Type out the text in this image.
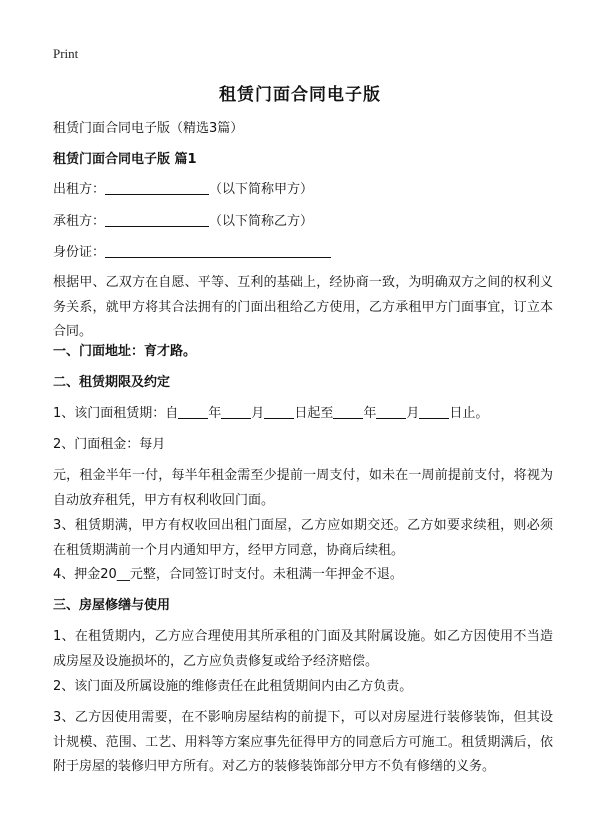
Print
租赁门面合同电子版
租赁门面合同电子版（精选3篇）
租赁门面合同电子版 篇1
出租方：	（以下简称甲方）
承租方：	（以下简称乙方）
身份证：
根据甲、乙双方在自愿、平等、互利的基础上，经协商一致，为明确双方之间的权利义务关系，就甲方将其合法拥有的门面出租给乙方使用，乙方承租甲方门面事宜，订立本合同。
一、门面地址：育才路。
二、租赁期限及约定
1、该门面租赁期：自 年 月 日起至 年 月 日止。
2、门面租金：每月
元，租金半年一付，每半年租金需至少提前一周支付，如未在一周前提前支付，将视为自动放弃租凭，甲方有权利收回门面。
3、租赁期满，甲方有权收回出租门面屋，乙方应如期交还。乙方如要求续租，则必须在租赁期满前一个月内通知甲方，经甲方同意，协商后续租。
4、押金20__元整，合同签订时支付。未租满一年押金不退。
三、房屋修缮与使用
1、在租赁期内，乙方应合理使用其所承租的门面及其附属设施。如乙方因使用不当造成房屋及设施损坏的，乙方应负责修复或给予经济赔偿。
2、该门面及所属设施的维修责任在此租赁期间内由乙方负责。
3、乙方因使用需要，在不影响房屋结构的前提下，可以对房屋进行装修装饰，但其设计规模、范围、工艺、用料等方案应事先征得甲方的同意后方可施工。租赁期满后，依附于房屋的装修归甲方所有。对乙方的装修装饰部分甲方不负有修缮的义务。
